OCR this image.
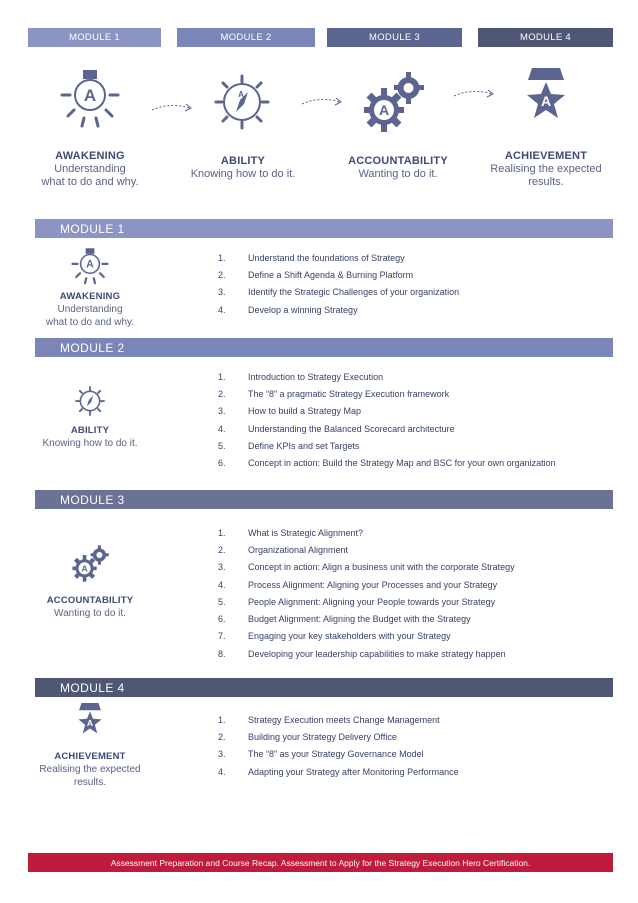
MODULE 1	MODULE 2	MODULE 3	MODULE 4
A	A
A
A
AWAKENING
Understanding
what to do and why.
ABILITY
Knowing how to do it.
ACCOUNTABILITY
Wanting to do it.
ACHIEVEMENT
Realising the expected
results.
MODULE 1
A
AWAKENING
Understanding
what to do and why.
1.	Understand the foundations of Strategy
2.	Define a Shift Agenda & Burning Platform
3.	Identify the Strategic Challenges of your organization
4.	Develop a winning Strategy
MODULE 2
ABILITY
Knowing how to do it.
1.	Introduction to Strategy Execution
2.	The “8” a pragmatic Strategy Execution framework
3.	How to build a Strategy Map
4.	Understanding the Balanced Scorecard architecture
5.	Define KPIs and set Targets
6.	Concept in action: Build the Strategy Map and BSC for your own organization
MODULE 3
A
ACCOUNTABILITY
Wanting to do it.
1.	What is Strategic Alignment?
2.	Organizational Alignment
3.	Concept in action: Align a business unit with the corporate Strategy
4.	Process Alignment: Aligning your Processes and your Strategy
5.	People Alignment: Aligning your People towards your Strategy
6.	Budget Alignment: Aligning the Budget with the Strategy
7.	Engaging your key stakeholders with your Strategy
8.	Developing your leadership capabilities to make strategy happen
MODULE 4
A
ACHIEVEMENT
Realising the expected
results.
1.	Strategy Execution meets Change Management
2.	Building your Strategy Delivery Office
3.	The “8” as your Strategy Governance Model
4.	Adapting your Strategy after Monitoring Performance
Assessment Preparation and Course Recap. Assessment to Apply for the Strategy Execution Hero Certification.
